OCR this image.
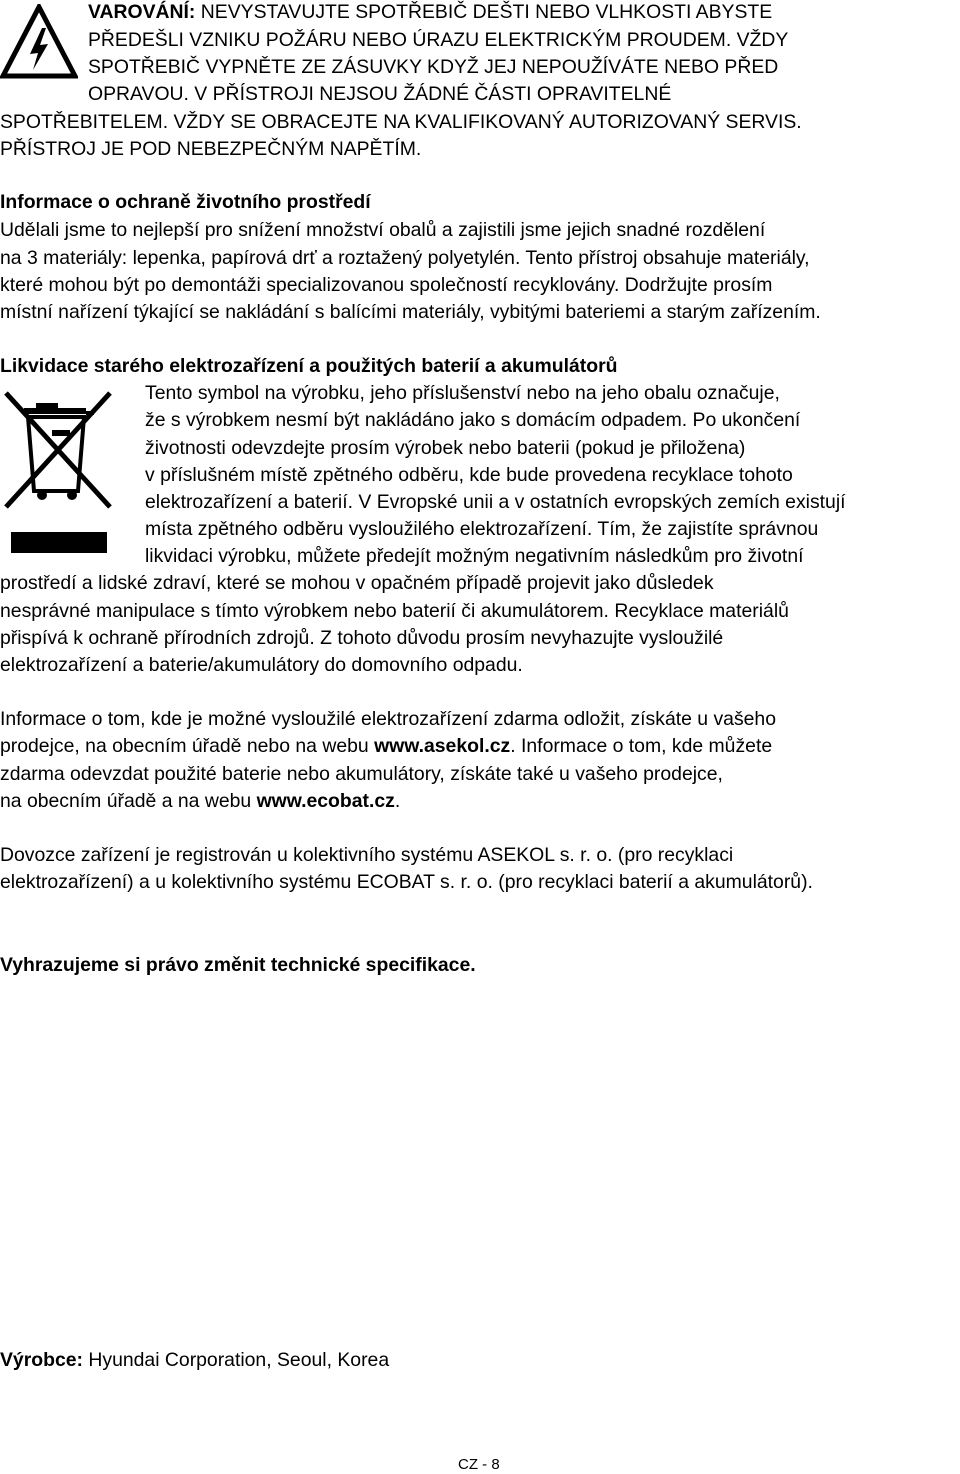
VAROVÁNÍ: NEVYSTAVUJTE SPOTŘEBIČ DEŠTI NEBO VLHKOSTI ABYSTE
PŘEDEŠLI VZNIKU POŽÁRU NEBO ÚRAZU ELEKTRICKÝM PROUDEM. VŽDY
SPOTŘEBIČ VYPNĚTE ZE ZÁSUVKY KDYŽ JEJ NEPOUŽÍVÁTE NEBO PŘED
OPRAVOU. V PŘÍSTROJI NEJSOU ŽÁDNÉ ČÁSTI OPRAVITELNÉ
SPOTŘEBITELEM. VŽDY SE OBRACEJTE NA KVALIFIKOVANÝ AUTORIZOVANÝ SERVIS.
PŘÍSTROJ JE POD NEBEZPEČNÝM NAPĚTÍM.
Informace o ochraně životního prostředí
Udělali jsme to nejlepší pro snížení množství obalů a zajistili jsme jejich snadné rozdělení
na 3 materiály: lepenka, papírová drť a roztažený polyetylén. Tento přístroj obsahuje materiály,
které mohou být po demontáži specializovanou společností recyklovány. Dodržujte prosím
místní nařízení týkající se nakládání s balícími materiály, vybitými bateriemi a starým zařízením.
Likvidace starého elektrozařízení a použitých baterií a akumulátorů
Tento symbol na výrobku, jeho příslušenství nebo na jeho obalu označuje,
že s výrobkem nesmí být nakládáno jako s domácím odpadem. Po ukončení
životnosti odevzdejte prosím výrobek nebo baterii (pokud je přiložena)
v příslušném místě zpětného odběru, kde bude provedena recyklace tohoto
elektrozařízení a baterií. V Evropské unii a v ostatních evropských zemích existují
místa zpětného odběru vysloužilého elektrozařízení. Tím, že zajistíte správnou
likvidaci výrobku, můžete předejít možným negativním následkům pro životní
prostředí a lidské zdraví, které se mohou v opačném případě projevit jako důsledek
nesprávné manipulace s tímto výrobkem nebo baterií či akumulátorem. Recyklace materiálů
přispívá k ochraně přírodních zdrojů. Z tohoto důvodu prosím nevyhazujte vysloužilé
elektrozařízení a baterie/akumulátory do domovního odpadu.
Informace o tom, kde je možné vysloužilé elektrozařízení zdarma odložit, získáte u vašeho
prodejce, na obecním úřadě nebo na webu www.asekol.cz. Informace o tom, kde můžete
zdarma odevzdat použité baterie nebo akumulátory, získáte také u vašeho prodejce,
na obecním úřadě a na webu www.ecobat.cz.
Dovozce zařízení je registrován u kolektivního systému ASEKOL s. r. o. (pro recyklaci
elektrozařízení) a u kolektivního systému ECOBAT s. r. o. (pro recyklaci baterií a akumulátorů).
Vyhrazujeme si právo změnit technické specifikace.
Výrobce: Hyundai Corporation, Seoul, Korea
CZ - 8
